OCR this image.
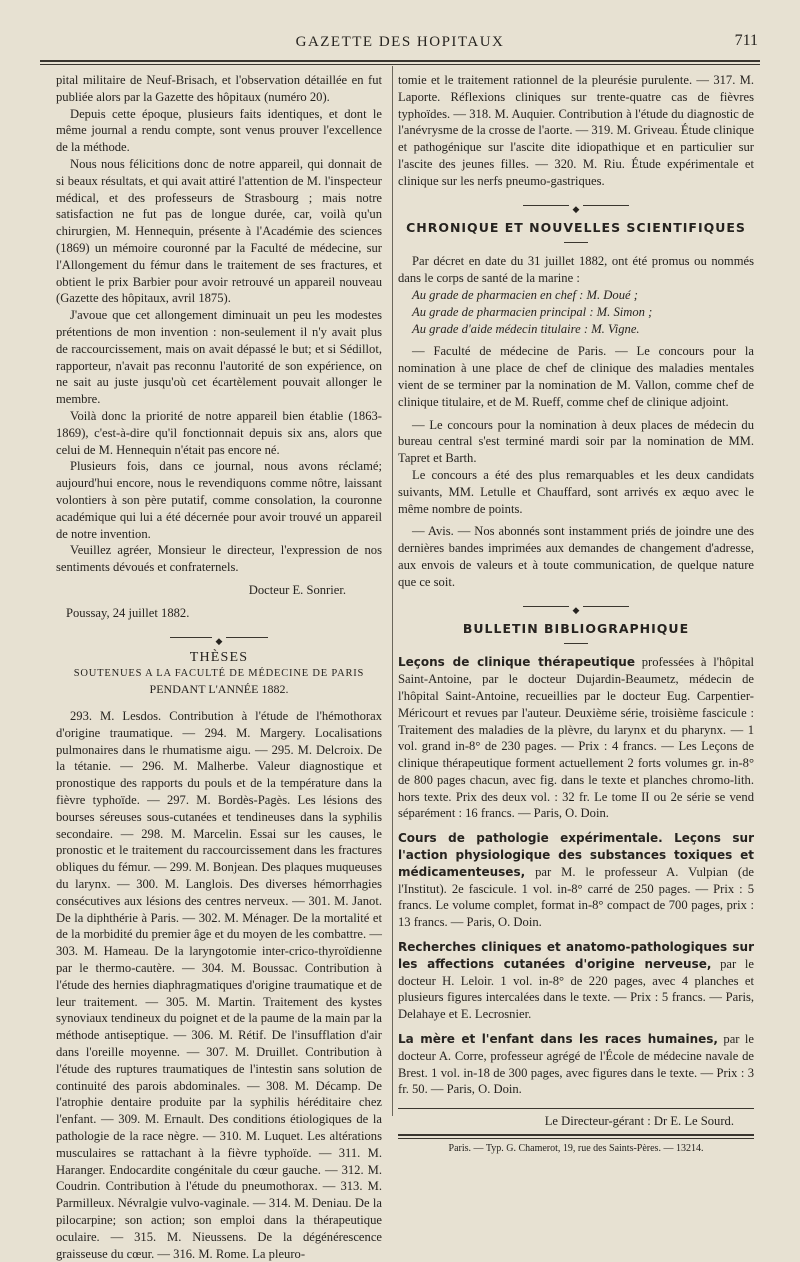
GAZETTE DES HOPITAUX	711

pital militaire de Neuf-Brisach, et l'observation détaillée en fut publiée alors par la Gazette des hôpitaux (numéro 20).

Depuis cette époque, plusieurs faits identiques, et dont le même journal a rendu compte, sont venus prouver l'excellence de la méthode.

Nous nous félicitions donc de notre appareil, qui donnait de si beaux résultats, et qui avait attiré l'attention de M. l'inspecteur médical, et des professeurs de Strasbourg ; mais notre satisfaction ne fut pas de longue durée, car, voilà qu'un chirurgien, M. Hennequin, présente à l'Académie des sciences (1869) un mémoire couronné par la Faculté de médecine, sur l'Allongement du fémur dans le traitement de ses fractures, et obtient le prix Barbier pour avoir retrouvé un appareil nouveau (Gazette des hôpitaux, avril 1875).

J'avoue que cet allongement diminuait un peu les modestes prétentions de mon invention : non-seulement il n'y avait plus de raccourcissement, mais on avait dépassé le but; et si Sédillot, rapporteur, n'avait pas reconnu l'autorité de son expérience, on ne sait au juste jusqu'où cet écartèlement pouvait allonger le membre.

Voilà donc la priorité de notre appareil bien établie (1863-1869), c'est-à-dire qu'il fonctionnait depuis six ans, alors que celui de M. Hennequin n'était pas encore né.

Plusieurs fois, dans ce journal, nous avons réclamé; aujourd'hui encore, nous le revendiquons comme nôtre, laissant volontiers à son père putatif, comme consolation, la couronne académique qui lui a été décernée pour avoir trouvé un appareil de notre invention.

Veuillez agréer, Monsieur le directeur, l'expression de nos sentiments dévoués et confraternels.

Docteur E. Sonrier.
Poussay, 24 juillet 1882.
◆
THÈSES
SOUTENUES A LA FACULTÉ DE MÉDECINE DE PARIS
PENDANT L'ANNÉE 1882.

293. M. Lesdos. Contribution à l'étude de l'hémothorax d'origine traumatique. — 294. M. Margery. Localisations pulmonaires dans le rhumatisme aigu. — 295. M. Delcroix. De la tétanie. — 296. M. Malherbe. Valeur diagnostique et pronostique des rapports du pouls et de la température dans la fièvre typhoïde. — 297. M. Bordès-Pagès. Les lésions des bourses séreuses sous-cutanées et tendineuses dans la syphilis secondaire. — 298. M. Marcelin. Essai sur les causes, le pronostic et le traitement du raccourcissement dans les fractures obliques du fémur. — 299. M. Bonjean. Des plaques muqueuses du larynx. — 300. M. Langlois. Des diverses hémorrhagies consécutives aux lésions des centres nerveux. — 301. M. Janot. De la diphthérie à Paris. — 302. M. Ménager. De la mortalité et de la morbidité du premier âge et du moyen de les combattre. — 303. M. Hameau. De la laryngotomie inter-crico-thyroïdienne par le thermo-cautère. — 304. M. Boussac. Contribution à l'étude des hernies diaphragmatiques d'origine traumatique et de leur traitement. — 305. M. Martin. Traitement des kystes synoviaux tendineux du poignet et de la paume de la main par la méthode antiseptique. — 306. M. Rétif. De l'insufflation d'air dans l'oreille moyenne. — 307. M. Druillet. Contribution à l'étude des ruptures traumatiques de l'intestin sans solution de continuité des parois abdominales. — 308. M. Décamp. De l'atrophie dentaire produite par la syphilis héréditaire chez l'enfant. — 309. M. Ernault. Des conditions étiologiques de la pathologie de la race nègre. — 310. M. Luquet. Les altérations musculaires se rattachant à la fièvre typhoïde. — 311. M. Haranger. Endocardite congénitale du cœur gauche. — 312. M. Coudrin. Contribution à l'étude du pneumothorax. — 313. M. Parmilleux. Névralgie vulvo-vaginale. — 314. M. Deniau. De la pilocarpine; son action; son emploi dans la thérapeutique oculaire. — 315. M. Nieussens. De la dégénérescence graisseuse du cœur. — 316. M. Rome. La pleuro-

tomie et le traitement rationnel de la pleurésie purulente. — 317. M. Laporte. Réflexions cliniques sur trente-quatre cas de fièvres typhoïdes. — 318. M. Auquier. Contribution à l'étude du diagnostic de l'anévrysme de la crosse de l'aorte. — 319. M. Griveau. Étude clinique et pathogénique sur l'ascite dite idiopathique et en particulier sur l'ascite des jeunes filles. — 320. M. Riu. Étude expérimentale et clinique sur les nerfs pneumo-gastriques.

◆
CHRONIQUE ET NOUVELLES SCIENTIFIQUES

Par décret en date du 31 juillet 1882, ont été promus ou nommés dans le corps de santé de la marine :

Au grade de pharmacien en chef : M. Doué ;

Au grade de pharmacien principal : M. Simon ;

Au grade d'aide médecin titulaire : M. Vigne.

— Faculté de médecine de Paris. — Le concours pour la nomination à une place de chef de clinique des maladies mentales vient de se terminer par la nomination de M. Vallon, comme chef de clinique titulaire, et de M. Rueff, comme chef de clinique adjoint.

— Le concours pour la nomination à deux places de médecin du bureau central s'est terminé mardi soir par la nomination de MM. Tapret et Barth.

Le concours a été des plus remarquables et les deux candidats suivants, MM. Letulle et Chauffard, sont arrivés ex æquo avec le même nombre de points.

— Avis. — Nos abonnés sont instamment priés de joindre une des dernières bandes imprimées aux demandes de changement d'adresse, aux envois de valeurs et à toute communication, de quelque nature que ce soit.

◆
BULLETIN BIBLIOGRAPHIQUE

Leçons de clinique thérapeutique professées à l'hôpital Saint-Antoine, par le docteur Dujardin-Beaumetz, médecin de l'hôpital Saint-Antoine, recueillies par le docteur Eug. Carpentier-Méricourt et revues par l'auteur. Deuxième série, troisième fascicule : Traitement des maladies de la plèvre, du larynx et du pharynx. — 1 vol. grand in-8° de 230 pages. — Prix : 4 francs. — Les Leçons de clinique thérapeutique forment actuellement 2 forts volumes gr. in-8° de 800 pages chacun, avec fig. dans le texte et planches chromo-lith. hors texte. Prix des deux vol. : 32 fr. Le tome II ou 2e série se vend séparément : 16 francs. — Paris, O. Doin.

Cours de pathologie expérimentale. Leçons sur l'action physiologique des substances toxiques et médicamenteuses, par M. le professeur A. Vulpian (de l'Institut). 2e fascicule. 1 vol. in-8° carré de 250 pages. — Prix : 5 francs. Le volume complet, format in-8° compact de 700 pages, prix : 13 francs. — Paris, O. Doin.

Recherches cliniques et anatomo-pathologiques sur les affections cutanées d'origine nerveuse, par le docteur H. Leloir. 1 vol. in-8° de 220 pages, avec 4 planches et plusieurs figures intercalées dans le texte. — Prix : 5 francs. — Paris, Delahaye et E. Lecrosnier.

La mère et l'enfant dans les races humaines, par le docteur A. Corre, professeur agrégé de l'École de médecine navale de Brest. 1 vol. in-18 de 300 pages, avec figures dans le texte. — Prix : 3 fr. 50. — Paris, O. Doin.

Le Directeur-gérant : Dr E. Le Sourd.
Paris. — Typ. G. Chamerot, 19, rue des Saints-Pères. — 13214.
